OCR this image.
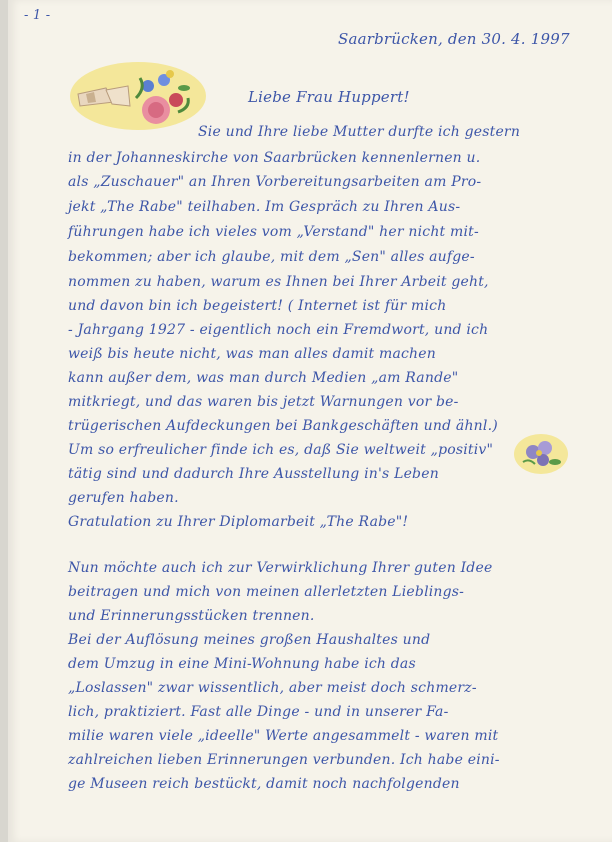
- 1 -
Saarbrücken, den 30. 4. 1997
Liebe Frau Huppert!
Sie und Ihre liebe Mutter durfte ich gestern
in der Johanneskirche von Saarbrücken kennenlernen u.
als „Zuschauer" an Ihren Vorbereitungsarbeiten am Pro-
jekt „The Rabe" teilhaben. Im Gespräch zu Ihren Aus-
führungen habe ich vieles vom „Verstand" her nicht mit-
bekommen; aber ich glaube, mit dem „Sen" alles aufge-
nommen zu haben, warum es Ihnen bei Ihrer Arbeit geht,
und davon bin ich begeistert! ( Internet ist für mich
- Jahrgang 1927 - eigentlich noch ein Fremdwort, und ich
weiß bis heute nicht, was man alles damit machen
kann außer dem, was man durch Medien „am Rande"
mitkriegt, und das waren bis jetzt Warnungen vor be-
trügerischen Aufdeckungen bei Bankgeschäften und ähnl.)
Um so erfreulicher finde ich es, daß Sie weltweit „positiv"
tätig sind und dadurch Ihre Ausstellung in's Leben
gerufen haben.
Gratulation zu Ihrer Diplomarbeit „The Rabe"!
Nun möchte auch ich zur Verwirklichung Ihrer guten Idee
beitragen und mich von meinen allerletzten Lieblings-
und Erinnerungsstücken trennen.
Bei der Auflösung meines großen Haushaltes und
dem Umzug in eine Mini-Wohnung habe ich das
„Loslassen" zwar wissentlich, aber meist doch schmerz-
lich, praktiziert. Fast alle Dinge - und in unserer Fa-
milie waren viele „ideelle" Werte angesammelt - waren mit
zahlreichen lieben Erinnerungen verbunden. Ich habe eini-
ge Museen reich bestückt, damit noch nachfolgenden
